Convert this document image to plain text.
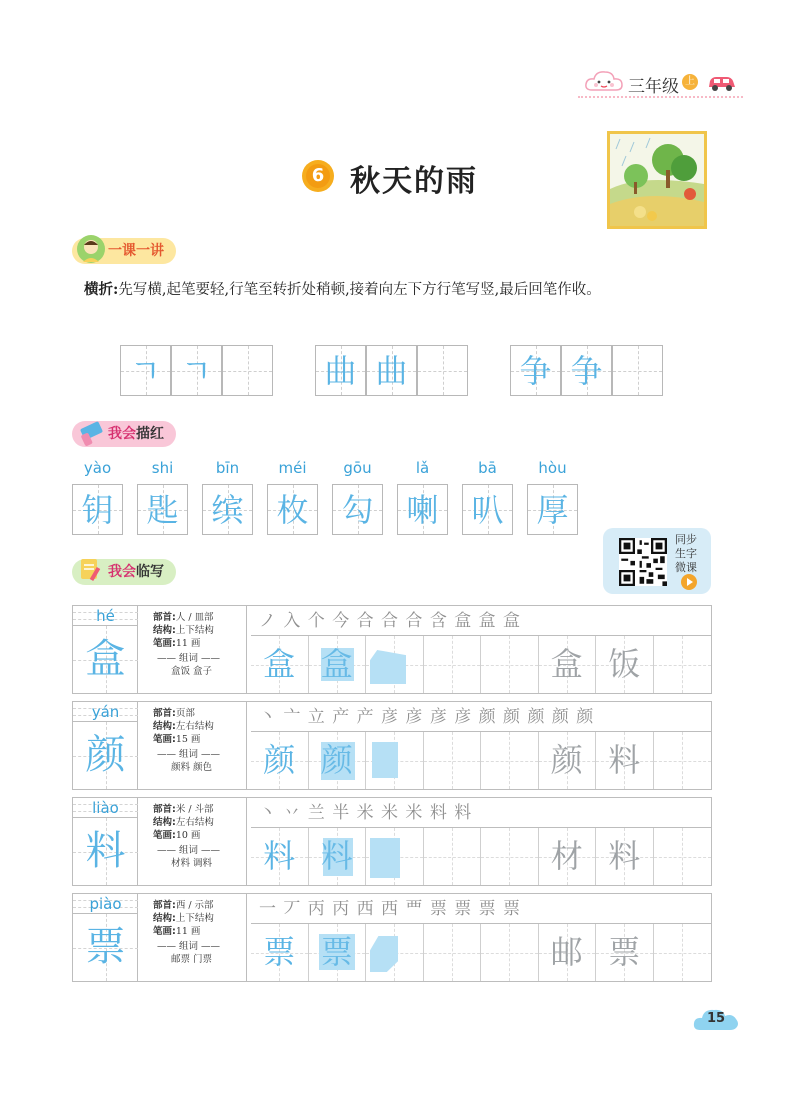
三年级 上
6 秋天的雨
一课一讲
横折:先写横,起笔要轻,行笔至转折处稍顿,接着向左下方行笔写竖,最后回笔作收。
ㄱ ㄱ	曲 曲	争 争
我会描红
yào	shi	bīn	méi	gōu	lǎ	bā	hòu
钥 匙 缤 枚 勾 喇 叭 厚
同步
生字
微课
我会临写
hé
盒
部首:人 / 皿部
结构:上下结构
笔画:11 画
—— 组词 ——
盒饭 盒子
ノ 入 个 今 合 合 合 含 盒 盒 盒
盒 盒	盒 饭
yán
颜
部首:页部
结构:左右结构
笔画:15 画
—— 组词 ——
颜料 颜色
丶 亠 立 产 产 彦 彦 彦 彦 颜 颜 颜 颜 颜
颜 颜	颜 料
liào
料
部首:米 / 斗部
结构:左右结构
笔画:10 画
—— 组词 ——
材料 调料
丶 丷 兰 半 米 米 米 料 料
料 料	材 料
piào
票
部首:西 / 示部
结构:上下结构
笔画:11 画
—— 组词 ——
邮票 门票
一 丆 丙 丙 西 西 覀 票 票 票 票
票 票	邮 票
15
